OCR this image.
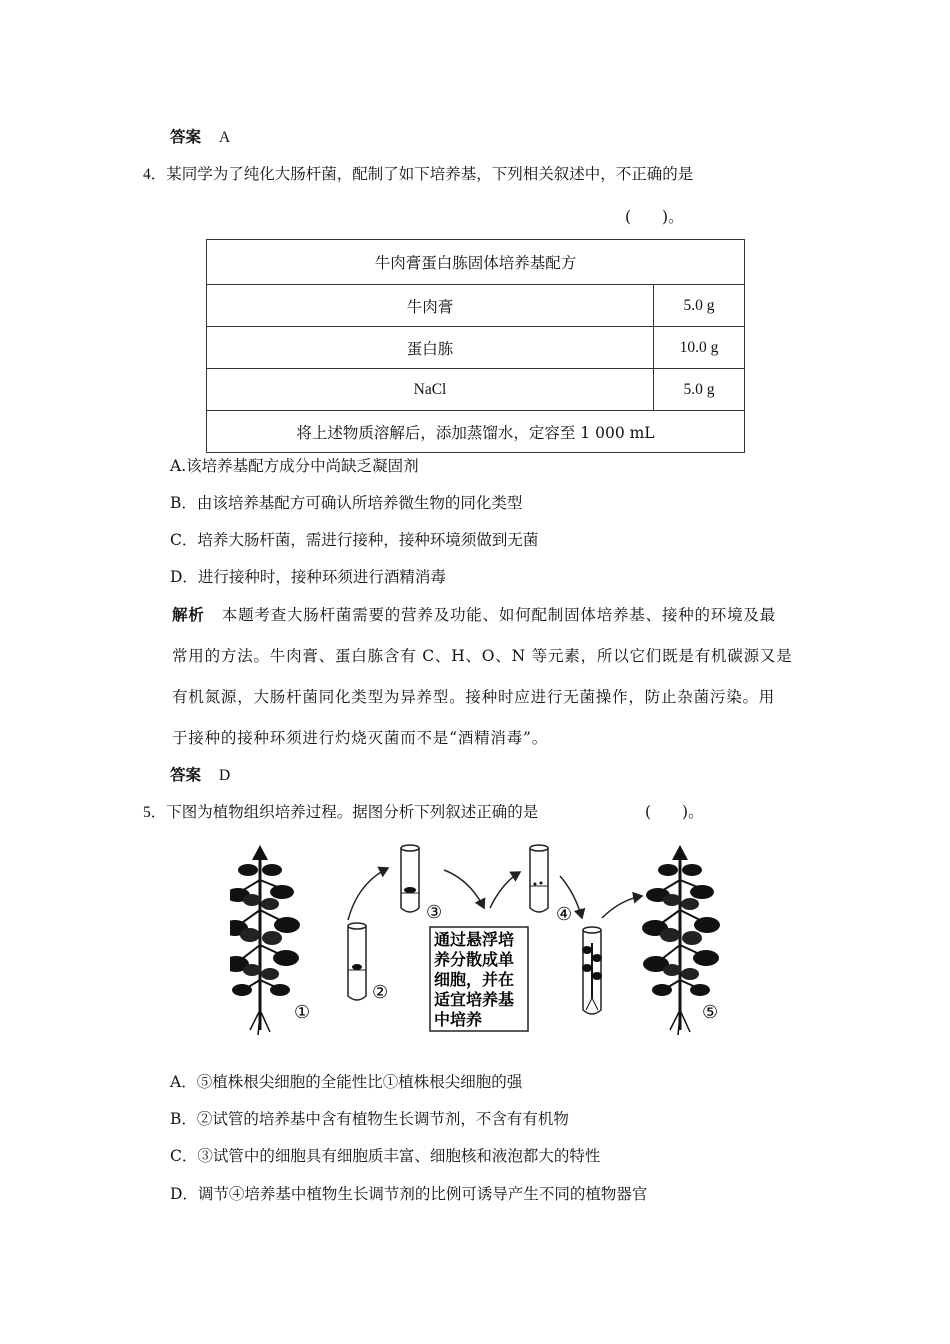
答案 A
4．某同学为了纯化大肠杆菌，配制了如下培养基，下列相关叙述中，不正确的是
(　　)。
牛肉膏蛋白胨固体培养基配方	
牛肉膏	5.0 g
蛋白胨	10.0 g
NaCl	5.0 g
将上述物质溶解后，添加蒸馏水，定容至 1 000 mL	
A.该培养基配方成分中尚缺乏凝固剂
B．由该培养基配方可确认所培养微生物的同化类型
C．培养大肠杆菌，需进行接种，接种环境须做到无菌
D．进行接种时，接种环须进行酒精消毒
解析 本题考查大肠杆菌需要的营养及功能、如何配制固体培养基、接种的环境及最
常用的方法。牛肉膏、蛋白胨含有 C、H、O、N 等元素，所以它们既是有机碳源又是
有机氮源，大肠杆菌同化类型为异养型。接种时应进行无菌操作，防止杂菌污染。用
于接种的接种环须进行灼烧灭菌而不是“酒精消毒”。
答案 D
5．下图为植物组织培养过程。据图分析下列叙述正确的是	(　　)。
①
②
③
通过悬浮培
养分散成单
细胞，并在
适宜培养基
中培养
④
⑤
A．⑤植株根尖细胞的全能性比①植株根尖细胞的强
B．②试管的培养基中含有植物生长调节剂，不含有有机物
C．③试管中的细胞具有细胞质丰富、细胞核和液泡都大的特性
D．调节④培养基中植物生长调节剂的比例可诱导产生不同的植物器官
